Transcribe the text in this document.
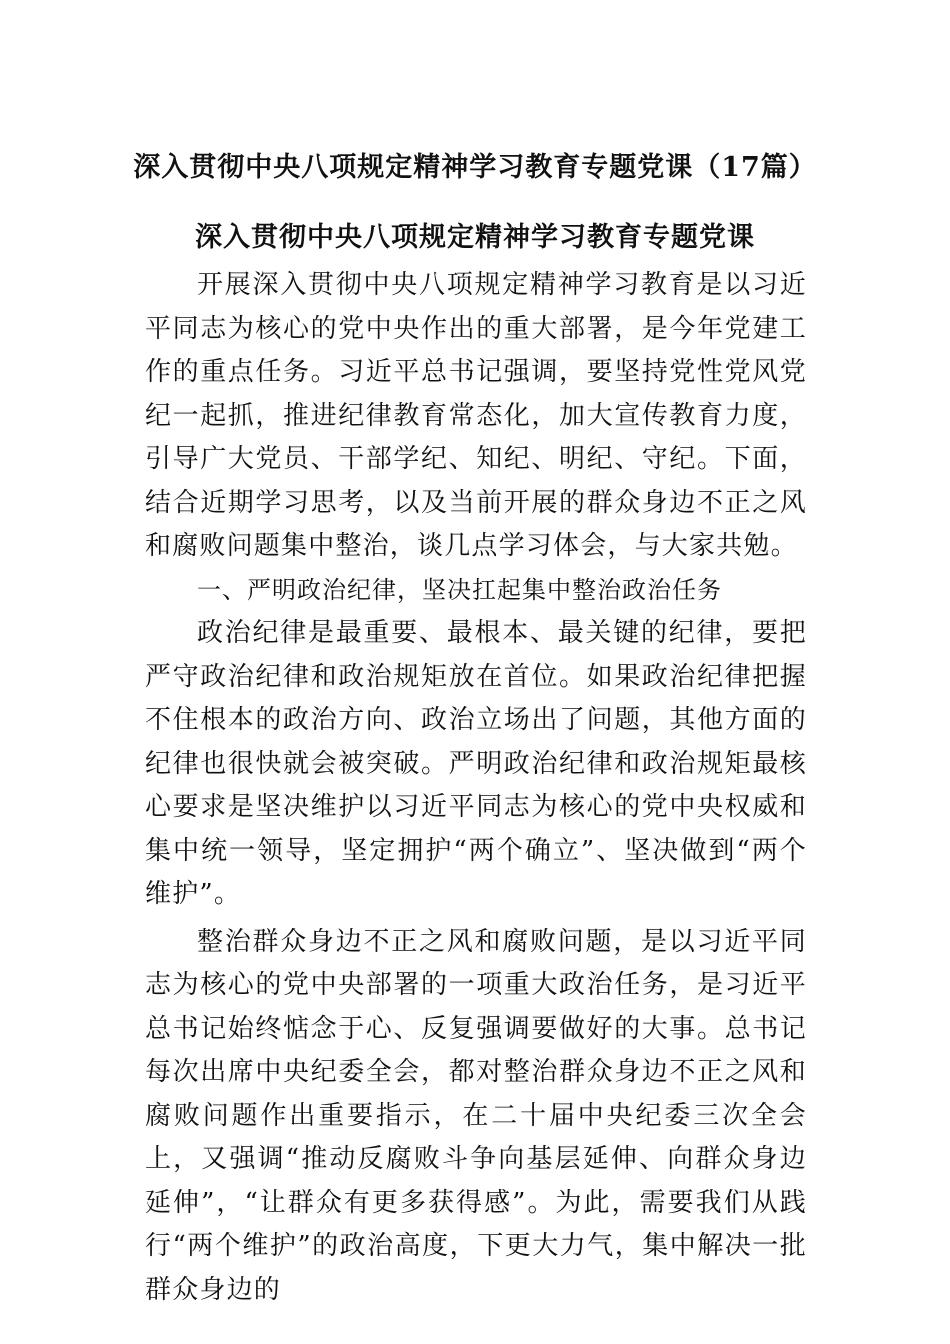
深入贯彻中央八项规定精神学习教育专题党课（17篇）
深入贯彻中央八项规定精神学习教育专题党课

开展深入贯彻中央八项规定精神学习教育是以习近平同志为核心的党中央作出的重大部署，是今年党建工作的重点任务。习近平总书记强调，要坚持党性党风党纪一起抓，推进纪律教育常态化，加大宣传教育力度，引导广大党员、干部学纪、知纪、明纪、守纪。下面，结合近期学习思考，以及当前开展的群众身边不正之风和腐败问题集中整治，谈几点学习体会，与大家共勉。

一、严明政治纪律，坚决扛起集中整治政治任务

政治纪律是最重要、最根本、最关键的纪律，要把严守政治纪律和政治规矩放在首位。如果政治纪律把握不住根本的政治方向、政治立场出了问题，其他方面的纪律也很快就会被突破。严明政治纪律和政治规矩最核心要求是坚决维护以习近平同志为核心的党中央权威和集中统一领导，坚定拥护“两个确立”、坚决做到“两个维护”。

整治群众身边不正之风和腐败问题，是以习近平同志为核心的党中央部署的一项重大政治任务，是习近平总书记始终惦念于心、反复强调要做好的大事。总书记每次出席中央纪委全会，都对整治群众身边不正之风和腐败问题作出重要指示，在二十届中央纪委三次全会上，又强调“推动反腐败斗争向基层延伸、向群众身边延伸”，“让群众有更多获得感”。为此，需要我们从践行“两个维护”的政治高度，下更大力气，集中解决一批群众身边的
